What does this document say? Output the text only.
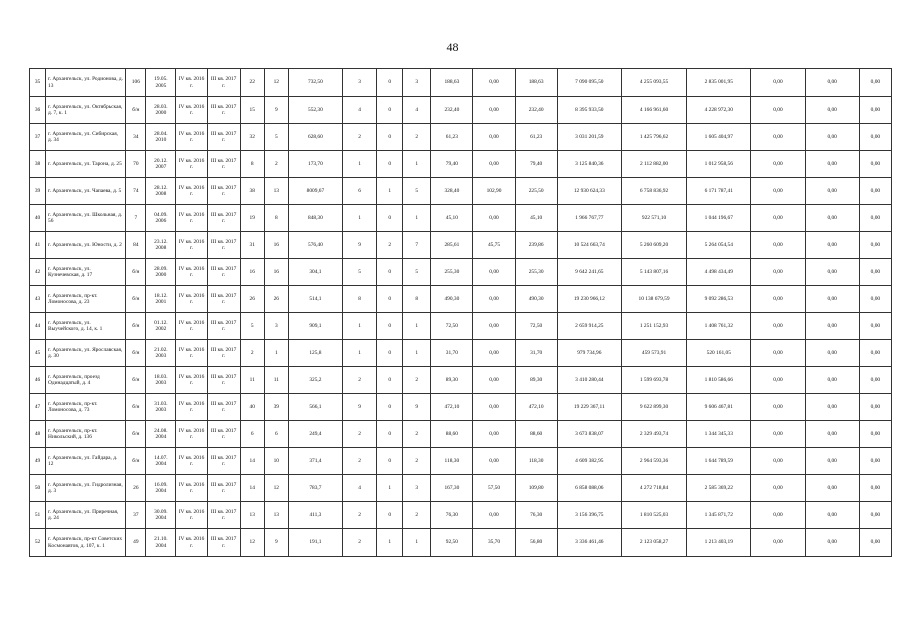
48
35	г. Архангельск, ул. Родионова, д. 13	106	19.05. 2005	IV кв. 2016 г.	III кв. 2017 г.	22	12	732,50	3	0	3	188,63	0,00	188,63	7 090 095,50	4 255 093,55	2 835 001,95	0,00	0,00	0,00
36	г. Архангельск, ул. Октябрьская, д. 7, к. 1	б/н	28.03. 2000	IV кв. 2016 г.	III кв. 2017 г.	15	9	552,30	4	0	4	232,40	0,00	232,40	8 395 933,50	4 166 961,60	4 228 972,30	0,00	0,00	0,00
37	г. Архангельск, ул. Сибирская, д. 34	34	28.04. 2010	IV кв. 2016 г.	III кв. 2017 г.	32	5	628,60	2	0	2	61,23	0,00	61,23	3 031 201,59	1 425 796,62	1 605 404,97	0,00	0,00	0,00
38	г. Архангельск, ул. Тарона, д. 25	70	20.12. 2007	IV кв. 2016 г.	III кв. 2017 г.	8	2	173,70	1	0	1	79,40	0,00	79,40	3 125 840,36	2 112 882,00	1 012 958,56	0,00	0,00	0,00
39	г. Архангельск, ул. Чапаева, д. 5	74	28.12. 2008	IV кв. 2016 г.	III кв. 2017 г.	38	13	8009,67	6	1	5	328,40	102,90	225,50	12 930 624,33	6 758 836,92	6 171 787,41	0,00	0,00	0,00
40	г. Архангельск, ул. Школьная, д. 56	7	04.09. 2006	IV кв. 2016 г.	III кв. 2017 г.	19	8	848,30	1	0	1	45,10	0,00	45,10	1 966 767,77	922 571,10	1 044 196,67	0,00	0,00	0,00
41	г. Архангельск, ул. Юности, д. 2	84	23.12. 2008	IV кв. 2016 г.	III кв. 2017 г.	31	16	576,40	9	2	7	285,61	45,75	239,86	10 524 663,74	5 260 609,20	5 264 054,54	0,00	0,00	0,00
42	г. Архангельск, ул. Кузнечевская, д. 17	б/н	28.09. 2000	IV кв. 2016 г.	III кв. 2017 г.	16	16	304,1	5	0	5	255,30	0,00	255,30	9 642 241,65	5 143 807,16	4 498 434,49	0,00	0,00	0,00
43	г. Архангельск, пр-кт. Ломоносова, д. 23	б/н	18.12. 2001	IV кв. 2016 г.	III кв. 2017 г.	26	26	514,1	8	0	8	490,30	0,00	490,30	19 230 966,12	10 138 679,59	9 092 286,53	0,00	0,00	0,00
44	г. Архангельск, ул. Выучейского, д. 14, к. 1	б/н	01.12. 2002	IV кв. 2016 г.	III кв. 2017 г.	5	3	909,1	1	0	1	72,50	0,00	72,50	2 659 914,25	1 251 152,93	1 408 761,32	0,00	0,00	0,00
45	г. Архангельск, ул. Ярославская, д. 30	б/н	21.02. 2003	IV кв. 2016 г.	III кв. 2017 г.	2	1	125,8	1	0	1	31,70	0,00	31,70	979 734,96	459 573,91	520 161,05	0,00	0,00	0,00
46	г. Архангельск, проезд Одинадцатый, д. 4	б/н	18.03. 2003	IV кв. 2016 г.	III кв. 2017 г.	11	11	325,2	2	0	2	89,30	0,00	89,30	3 410 280,44	1 599 693,78	1 810 586,66	0,00	0,00	0,00
47	г. Архангельск, пр-кт. Ломоносова, д. 73	б/н	31.03. 2003	IV кв. 2016 г.	III кв. 2017 г.	40	39	566,1	9	0	9	472,10	0,00	472,10	19 229 367,11	9 622 899,30	9 606 467,81	0,00	0,00	0,00
48	г. Архангельск, пр-кт. Никольский, д. 136	б/н	24.08. 2004	IV кв. 2016 г.	III кв. 2017 г.	6	6	249,4	2	0	2	88,60	0,00	88,60	3 673 838,07	2 329 493,74	1 344 345,33	0,00	0,00	0,00
49	г. Архангельск, ул. Гайдара, д. 12	б/н	14.07. 2004	IV кв. 2016 г.	III кв. 2017 г.	14	10	371,4	2	0	2	118,30	0,00	118,30	4 609 382,95	2 964 593,36	1 644 789,59	0,00	0,00	0,00
50	г. Архангельск, ул. Гидролизная, д. 3	26	16.09. 2004	IV кв. 2016 г.	III кв. 2017 г.	14	12	783,7	4	1	3	167,30	57,50	109,80	6 858 088,06	4 272 718,84	2 585 369,22	0,00	0,00	0,00
51	г. Архангельск, ул. Приречная, д. 24	37	30.09. 2004	IV кв. 2016 г.	III кв. 2017 г.	13	13	411,3	2	0	2	76,30	0,00	76,30	3 156 396,75	1 810 525,03	1 345 871,72	0,00	0,00	0,00
52	г. Архангельск, пр-кт Советских Космонавтов, д. 107, к. 1	49	21.10. 2004	IV кв. 2016 г.	III кв. 2017 г.	12	9	191,1	2	1	1	92,50	35,70	56,80	3 336 461,46	2 123 058,27	1 213 403,19	0,00	0,00	0,00
